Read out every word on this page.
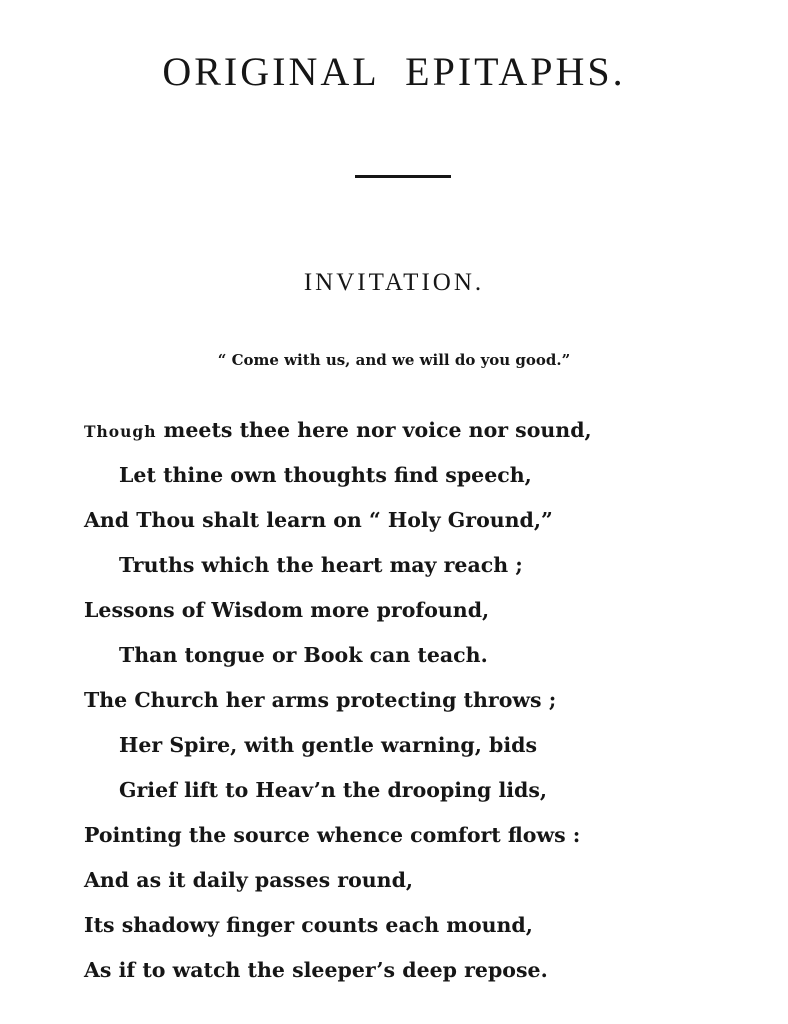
ORIGINAL EPITAPHS.
INVITATION.

“ Come with us, and we will do you good.”

Though meets thee here nor voice nor sound,
Let thine own thoughts find speech,
And Thou shalt learn on “ Holy Ground,”
Truths which the heart may reach ;
Lessons of Wisdom more profound,
Than tongue or Book can teach.
The Church her arms protecting throws ;
Her Spire, with gentle warning, bids
Grief lift to Heav’n the drooping lids,
Pointing the source whence comfort flows :
And as it daily passes round,
Its shadowy finger counts each mound,
As if to watch the sleeper’s deep repose.
